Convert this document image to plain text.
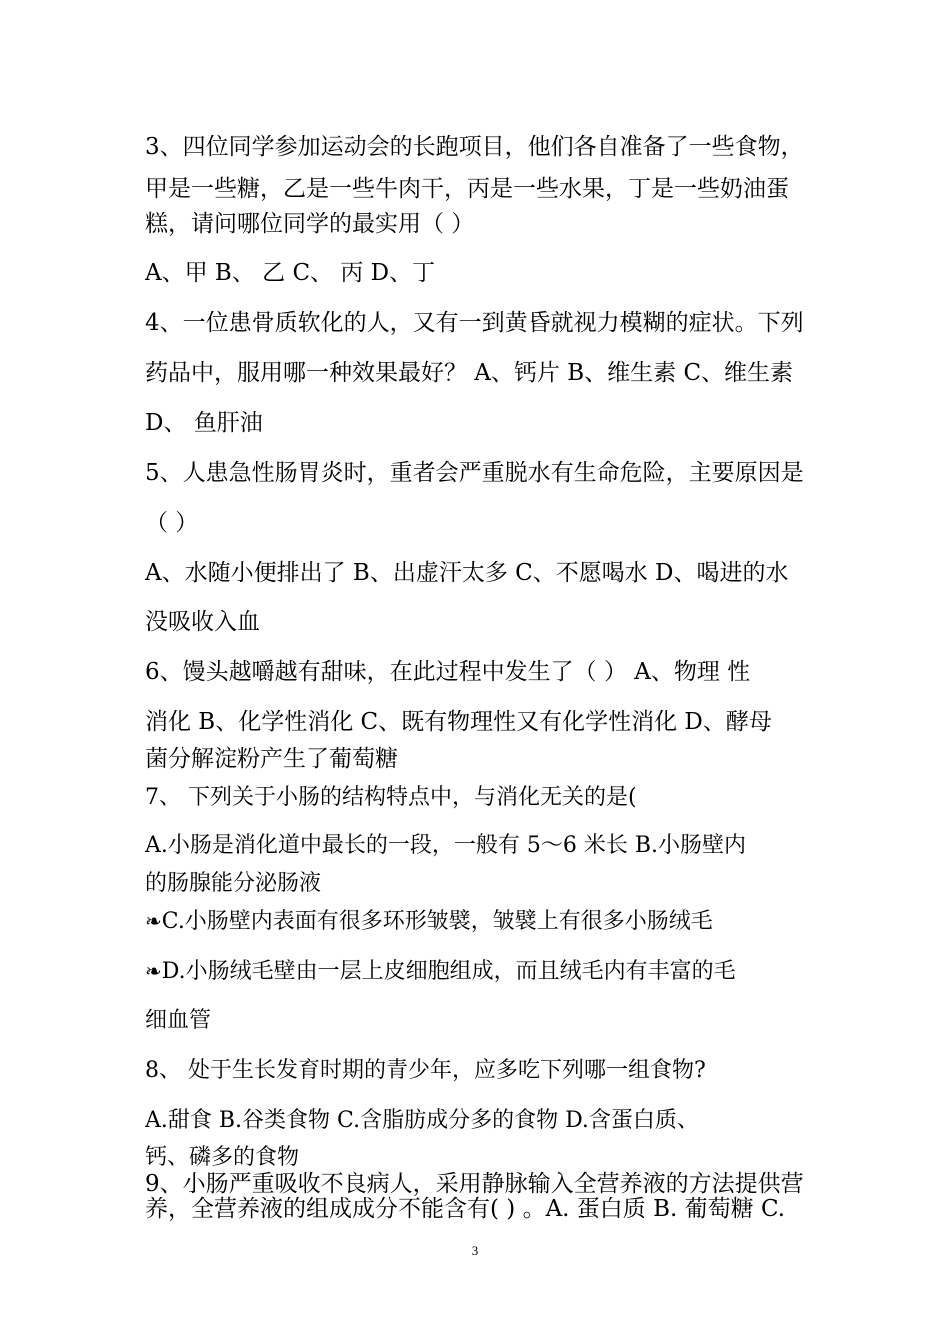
3、四位同学参加运动会的长跑项目，他们各自准备了一些食物，
甲是一些糖，乙是一些牛肉干，丙是一些水果，丁是一些奶油蛋
糕，请问哪位同学的最实用（ ）
A、甲 B、 乙 C、 丙 D、丁
4、一位患骨质软化的人，又有一到黄昏就视力模糊的症状。下列
药品中，服用哪一种效果最好？ A、钙片 B、维生素 C、维生素
D、 鱼肝油
5、人患急性肠胃炎时，重者会严重脱水有生命危险，主要原因是
（ ）
A、水随小便排出了 B、出虚汗太多 C、不愿喝水 D、喝进的水
没吸收入血
6、馒头越嚼越有甜味，在此过程中发生了（ ） A、物理 性
消化 B、化学性消化 C、既有物理性又有化学性消化 D、酵母
菌分解淀粉产生了葡萄糖
7、 下列关于小肠的结构特点中，与消化无关的是(
A.小肠是消化道中最长的一段，一般有 5～6 米长 B.小肠壁内
的肠腺能分泌肠液
❧C.小肠壁内表面有很多环形皱襞，皱襞上有很多小肠绒毛
❧D.小肠绒毛壁由一层上皮细胞组成，而且绒毛内有丰富的毛
细血管
8、 处于生长发育时期的青少年，应多吃下列哪一组食物?
A.甜食 B.谷类食物 C.含脂肪成分多的食物 D.含蛋白质、
钙、磷多的食物
9、小肠严重吸收不良病人，采用静脉输入全营养液的方法提供营
养，全营养液的组成成分不能含有( ) 。A. 蛋白质 B. 葡萄糖 C.
3
